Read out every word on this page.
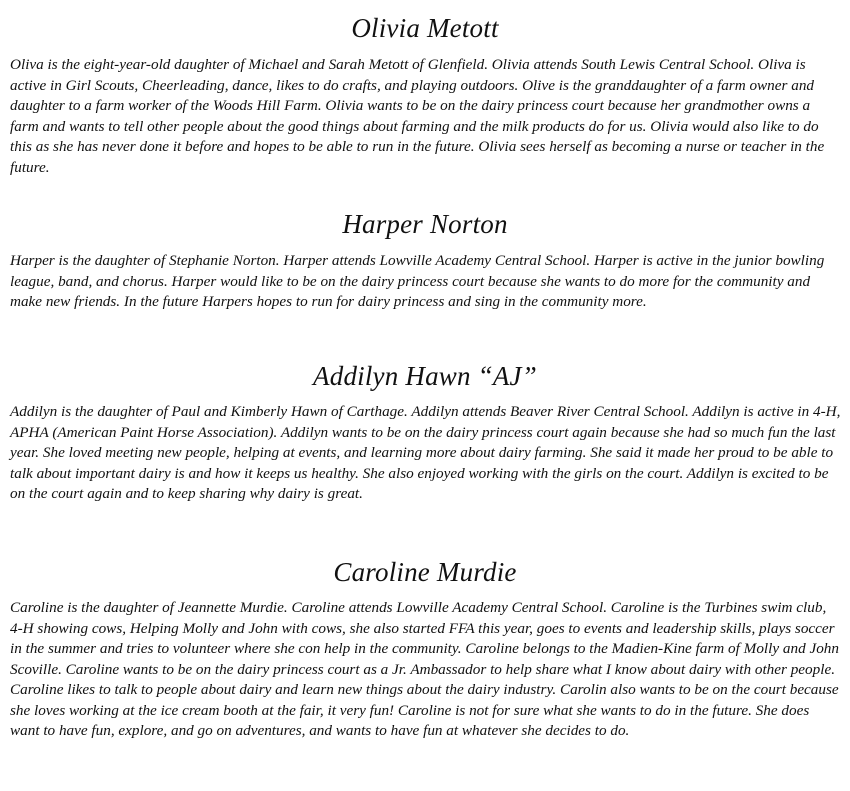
Olivia Metott

Oliva is the eight-year-old daughter of Michael and Sarah Metott of Glenfield. Olivia attends South Lewis Central School. Oliva is active in Girl Scouts, Cheerleading, dance, likes to do crafts, and playing outdoors. Olive is the granddaughter of a farm owner and daughter to a farm worker of the Woods Hill Farm. Olivia wants to be on the dairy princess court because her grandmother owns a farm and wants to tell other people about the good things about farming and the milk products do for us. Olivia would also like to do this as she has never done it before and hopes to be able to run in the future. Olivia sees herself as becoming a nurse or teacher in the future.

Harper Norton

Harper is the daughter of Stephanie Norton. Harper attends Lowville Academy Central School. Harper is active in the junior bowling league, band, and chorus. Harper would like to be on the dairy princess court because she wants to do more for the community and make new friends. In the future Harpers hopes to run for dairy princess and sing in the community more.

Addilyn Hawn “AJ”

Addilyn is the daughter of Paul and Kimberly Hawn of Carthage. Addilyn attends Beaver River Central School. Addilyn is active in 4-H, APHA (American Paint Horse Association). Addilyn wants to be on the dairy princess court again because she had so much fun the last year. She loved meeting new people, helping at events, and learning more about dairy farming. She said it made her proud to be able to talk about important dairy is and how it keeps us healthy. She also enjoyed working with the girls on the court. Addilyn is excited to be on the court again and to keep sharing why dairy is great.

Caroline Murdie

Caroline is the daughter of Jeannette Murdie. Caroline attends Lowville Academy Central School. Caroline is the Turbines swim club, 4-H showing cows, Helping Molly and John with cows, she also started FFA this year, goes to events and leadership skills, plays soccer in the summer and tries to volunteer where she con help in the community. Caroline belongs to the Madien-Kine farm of Molly and John Scoville. Caroline wants to be on the dairy princess court as a Jr. Ambassador to help share what I know about dairy with other people. Caroline likes to talk to people about dairy and learn new things about the dairy industry. Carolin also wants to be on the court because she loves working at the ice cream booth at the fair, it very fun! Caroline is not for sure what she wants to do in the future. She does want to have fun, explore, and go on adventures, and wants to have fun at whatever she decides to do.
